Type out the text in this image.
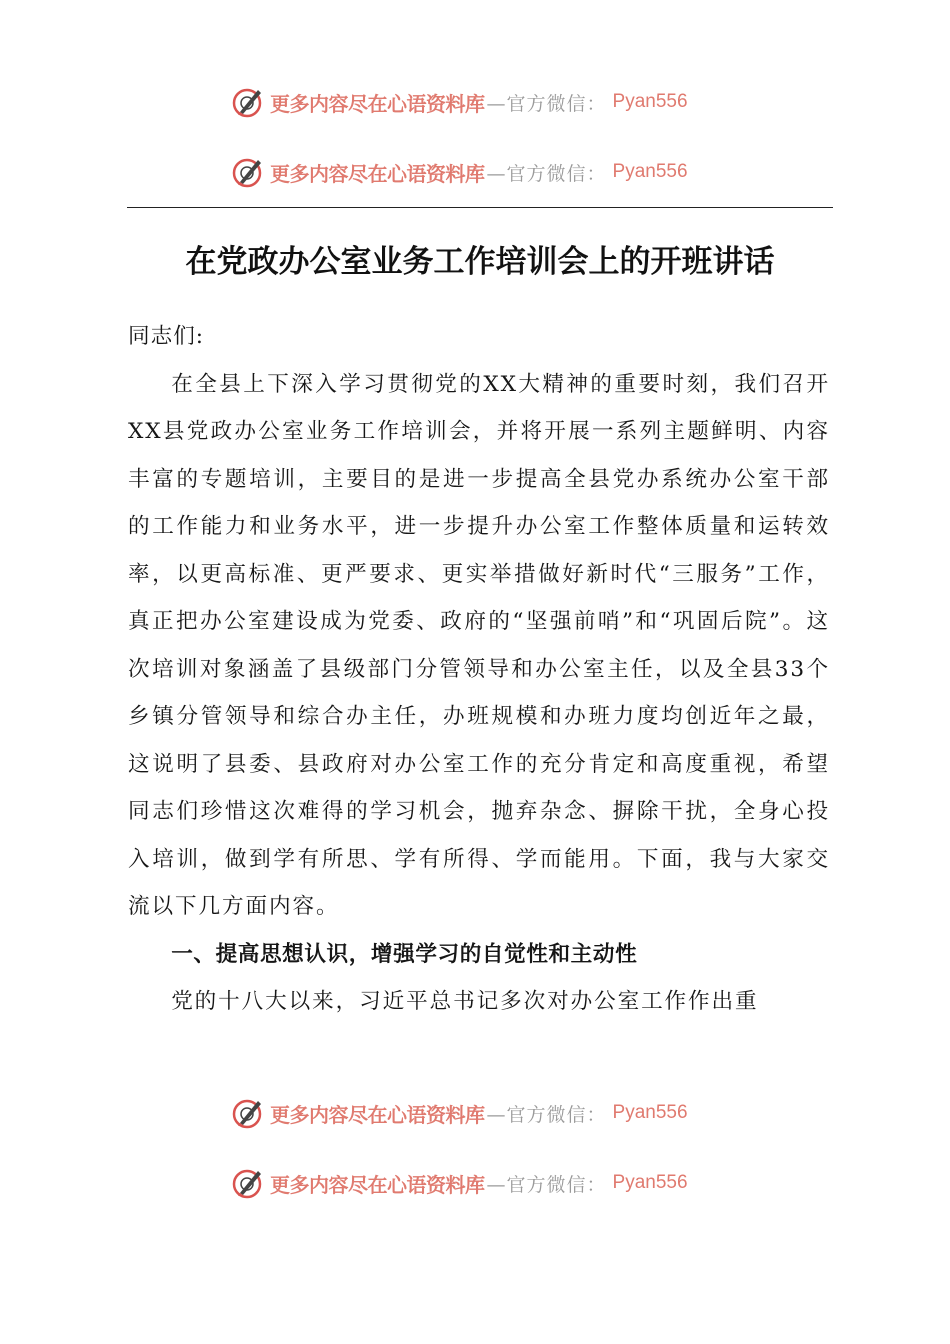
更多内容尽在心语资料库 —官方微信： Pyan556
更多内容尽在心语资料库 —官方微信： Pyan556
在党政办公室业务工作培训会上的开班讲话

同志们:

在全县上下深入学习贯彻党的XX大精神的重要时刻，我们召开XX县党政办公室业务工作培训会，并将开展一系列主题鲜明、内容丰富的专题培训，主要目的是进一步提高全县党办系统办公室干部的工作能力和业务水平，进一步提升办公室工作整体质量和运转效率，以更高标准、更严要求、更实举措做好新时代“三服务”工作，真正把办公室建设成为党委、政府的“坚强前哨”和“巩固后院”。这次培训对象涵盖了县级部门分管领导和办公室主任，以及全县33个乡镇分管领导和综合办主任，办班规模和办班力度均创近年之最，这说明了县委、县政府对办公室工作的充分肯定和高度重视，希望同志们珍惜这次难得的学习机会，抛弃杂念、摒除干扰，全身心投入培训，做到学有所思、学有所得、学而能用。下面，我与大家交流以下几方面内容。

一、提高思想认识，增强学习的自觉性和主动性

党的十八大以来，习近平总书记多次对办公室工作作出重

更多内容尽在心语资料库 —官方微信： Pyan556
更多内容尽在心语资料库 —官方微信： Pyan556
